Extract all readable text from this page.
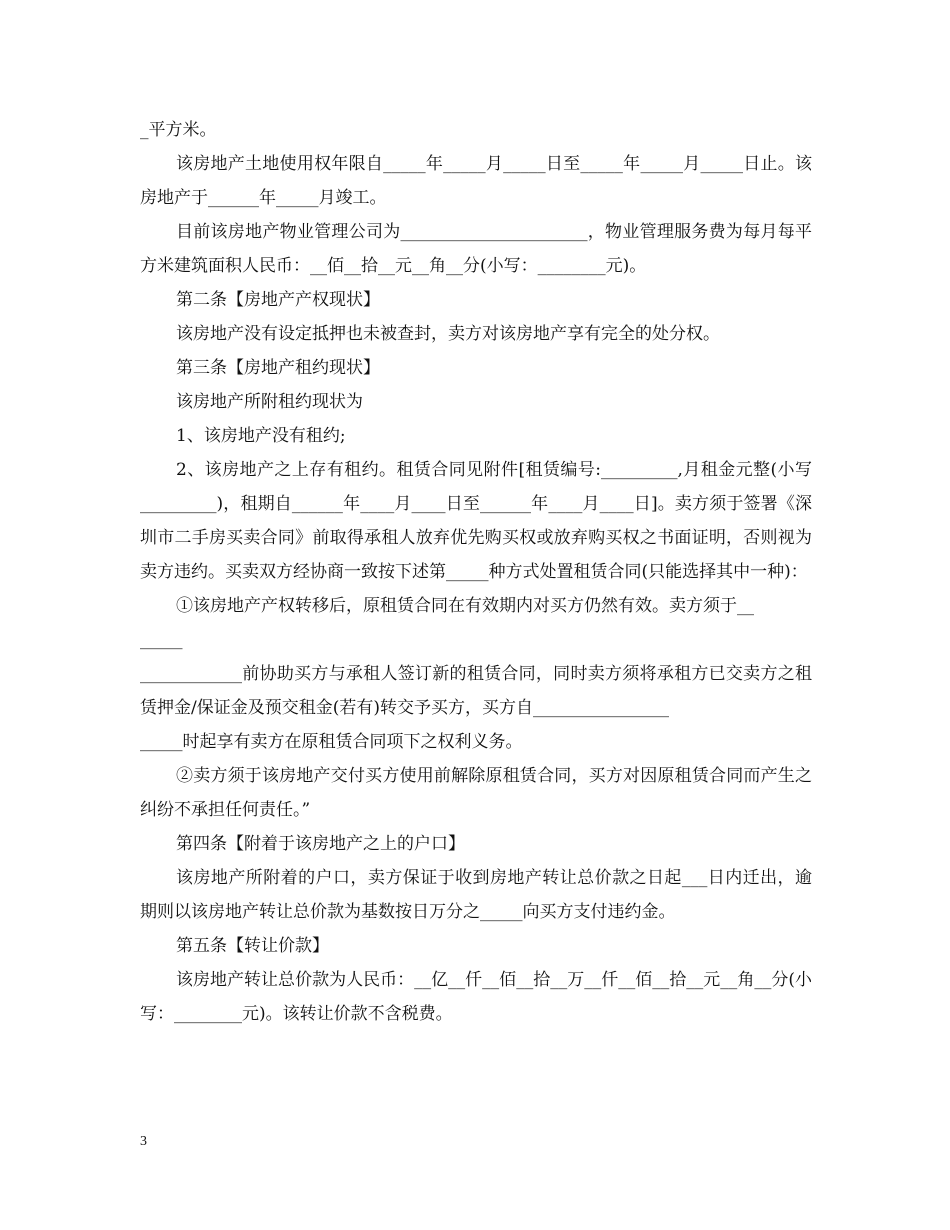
_平方米。

该房地产土地使用权年限自_____年_____月_____日至_____年_____月_____日止。该房地产于______年_____月竣工。

目前该房地产物业管理公司为______________________，物业管理服务费为每月每平方米建筑面积人民币：__佰__拾__元__角__分(小写：________元)。

第二条【房地产产权现状】

该房地产没有设定抵押也未被查封，卖方对该房地产享有完全的处分权。

第三条【房地产租约现状】

该房地产所附租约现状为

1、该房地产没有租约;

2、该房地产之上存有租约。租赁合同见附件[租赁编号:_________,月租金元整(小写_________)，租期自______年____月____日至______年____月____日]。卖方须于签署《深圳市二手房买卖合同》前取得承租人放弃优先购买权或放弃购买权之书面证明，否则视为卖方违约。买卖双方经协商一致按下述第_____种方式处置租赁合同(只能选择其中一种)：

①该房地产产权转移后，原租赁合同在有效期内对买方仍然有效。卖方须于__

_____

____________前协助买方与承租人签订新的租赁合同，同时卖方须将承租方已交卖方之租赁押金/保证金及预交租金(若有)转交予买方，买方自________________

_____时起享有卖方在原租赁合同项下之权利义务。

②卖方须于该房地产交付买方使用前解除原租赁合同，买方对因原租赁合同而产生之纠纷不承担任何责任。”

第四条【附着于该房地产之上的户口】

该房地产所附着的户口，卖方保证于收到房地产转让总价款之日起___日内迁出，逾期则以该房地产转让总价款为基数按日万分之_____向买方支付违约金。

第五条【转让价款】

该房地产转让总价款为人民币：__亿__仟__佰__拾__万__仟__佰__拾__元__角__分(小写：________元)。该转让价款不含税费。

3
